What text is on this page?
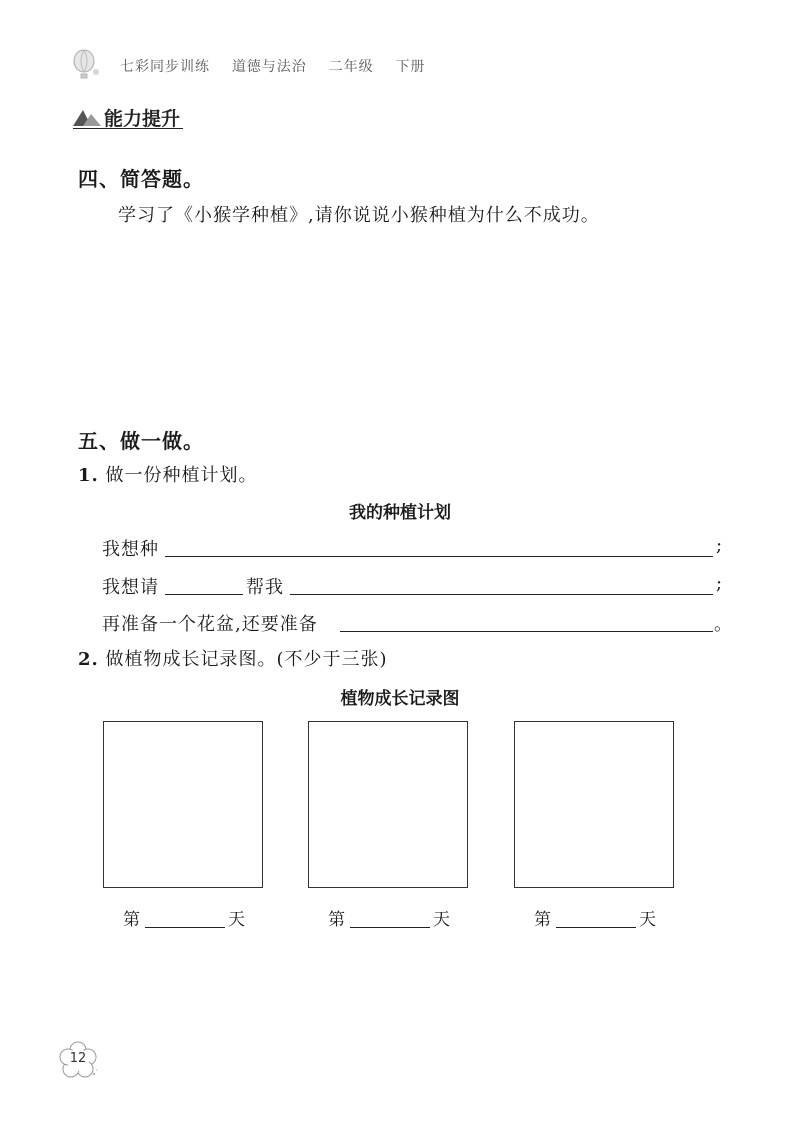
七彩同步训练 道德与法治 二年级 下册
能力提升
四、简答题。
学习了《小猴学种植》,请你说说小猴种植为什么不成功。
五、做一做。
1. 做一份种植计划。
我的种植计划
我想种	;
我想请	帮我	;
再准备一个花盆,还要准备	。
2. 做植物成长记录图。(不少于三张)
植物成长记录图
第	天	第	天	第	天
12
